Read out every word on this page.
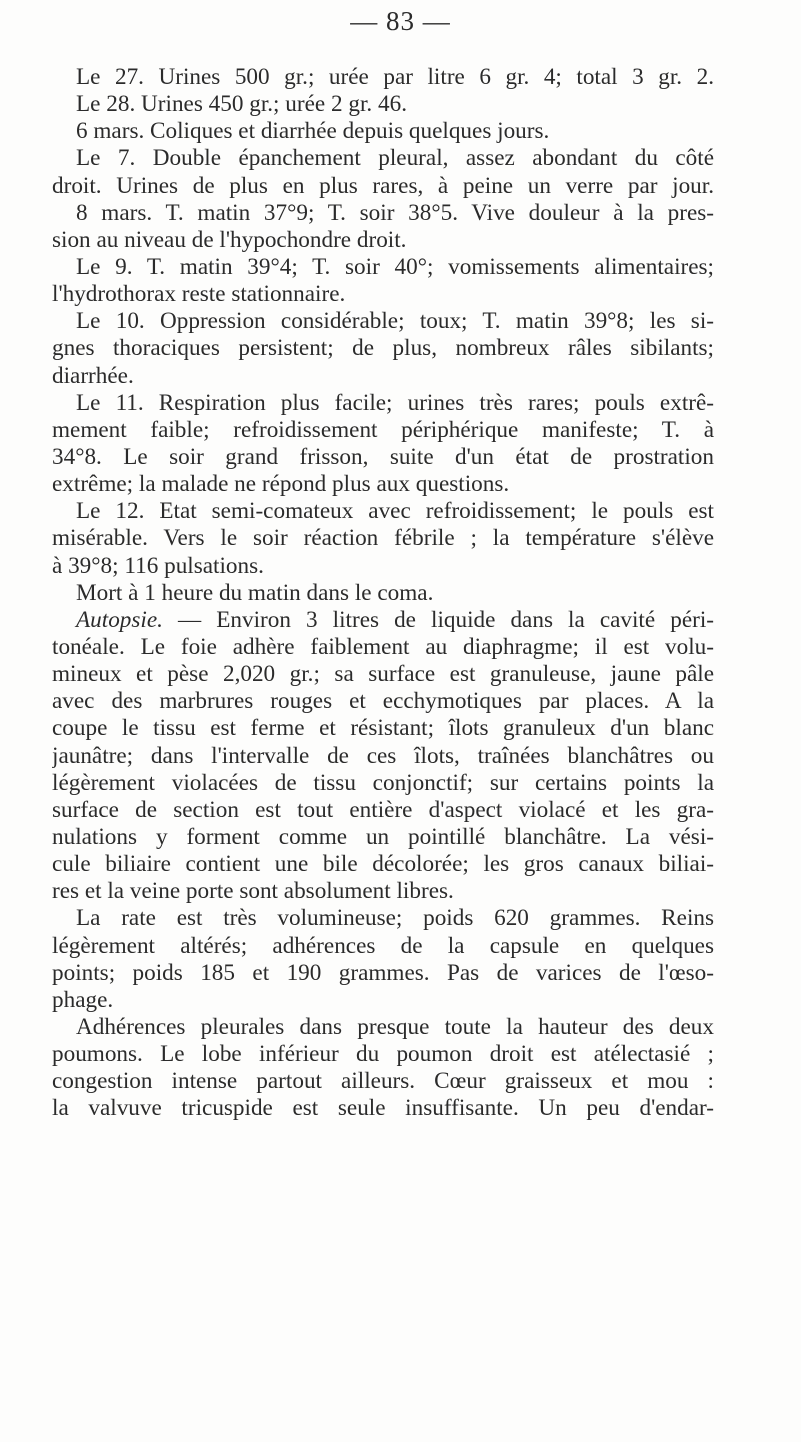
— 83 —
Le 27. Urines 500 gr.; urée par litre 6 gr. 4; total 3 gr. 2.
Le 28. Urines 450 gr.; urée 2 gr. 46.
6 mars. Coliques et diarrhée depuis quelques jours.
Le 7. Double épanchement pleural, assez abondant du côté
droit. Urines de plus en plus rares, à peine un verre par jour.
8 mars. T. matin 37°9; T. soir 38°5. Vive douleur à la pres-
sion au niveau de l'hypochondre droit.
Le 9. T. matin 39°4; T. soir 40°; vomissements alimentaires;
l'hydrothorax reste stationnaire.
Le 10. Oppression considérable; toux; T. matin 39°8; les si-
gnes thoraciques persistent; de plus, nombreux râles sibilants;
diarrhée.
Le 11. Respiration plus facile; urines très rares; pouls extrê-
mement faible; refroidissement périphérique manifeste; T. à
34°8. Le soir grand frisson, suite d'un état de prostration
extrême; la malade ne répond plus aux questions.
Le 12. Etat semi-comateux avec refroidissement; le pouls est
misérable. Vers le soir réaction fébrile ; la température s'élève
à 39°8; 116 pulsations.
Mort à 1 heure du matin dans le coma.
Autopsie. — Environ 3 litres de liquide dans la cavité péri-
tonéale. Le foie adhère faiblement au diaphragme; il est volu-
mineux et pèse 2,020 gr.; sa surface est granuleuse, jaune pâle
avec des marbrures rouges et ecchymotiques par places. A la
coupe le tissu est ferme et résistant; îlots granuleux d'un blanc
jaunâtre; dans l'intervalle de ces îlots, traînées blanchâtres ou
légèrement violacées de tissu conjonctif; sur certains points la
surface de section est tout entière d'aspect violacé et les gra-
nulations y forment comme un pointillé blanchâtre. La vési-
cule biliaire contient une bile décolorée; les gros canaux biliai-
res et la veine porte sont absolument libres.
La rate est très volumineuse; poids 620 grammes. Reins
légèrement altérés; adhérences de la capsule en quelques
points; poids 185 et 190 grammes. Pas de varices de l'œso-
phage.
Adhérences pleurales dans presque toute la hauteur des deux
poumons. Le lobe inférieur du poumon droit est atélectasié ;
congestion intense partout ailleurs. Cœur graisseux et mou :
la valvuve tricuspide est seule insuffisante. Un peu d'endar-
